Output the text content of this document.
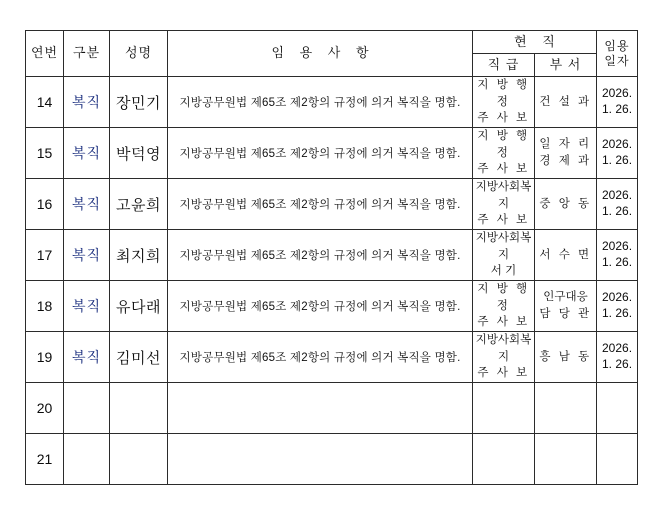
연번	구분	성명	임 용 사 항	현 직		임용
일자

				직 급	부 서	
14	복직	장민기	지방공무원법 제65조 제2항의 규정에 의거 복직을 명함.	지 방 행 정
주 사 보	건 설 과	2026.
1. 26.

15	복직	박덕영	지방공무원법 제65조 제2항의 규정에 의거 복직을 명함.	지 방 행 정
주 사 보	일 자 리
경 제 과	2026.
1. 26.

16	복직	고윤희	지방공무원법 제65조 제2항의 규정에 의거 복직을 명함.	지방사회복지
주 사 보	중 앙 동	2026.
1. 26.

17	복직	최지희	지방공무원법 제65조 제2항의 규정에 의거 복직을 명함.	지방사회복지
서 기	서 수 면	2026.
1. 26.

18	복직	유다래	지방공무원법 제65조 제2항의 규정에 의거 복직을 명함.	지 방 행 정
주 사 보	인구대응
담 당 관	2026.
1. 26.

19	복직	김미선	지방공무원법 제65조 제2항의 규정에 의거 복직을 명함.	지방사회복지
주 사 보	흥 남 동	2026.
1. 26.

20						
21						
